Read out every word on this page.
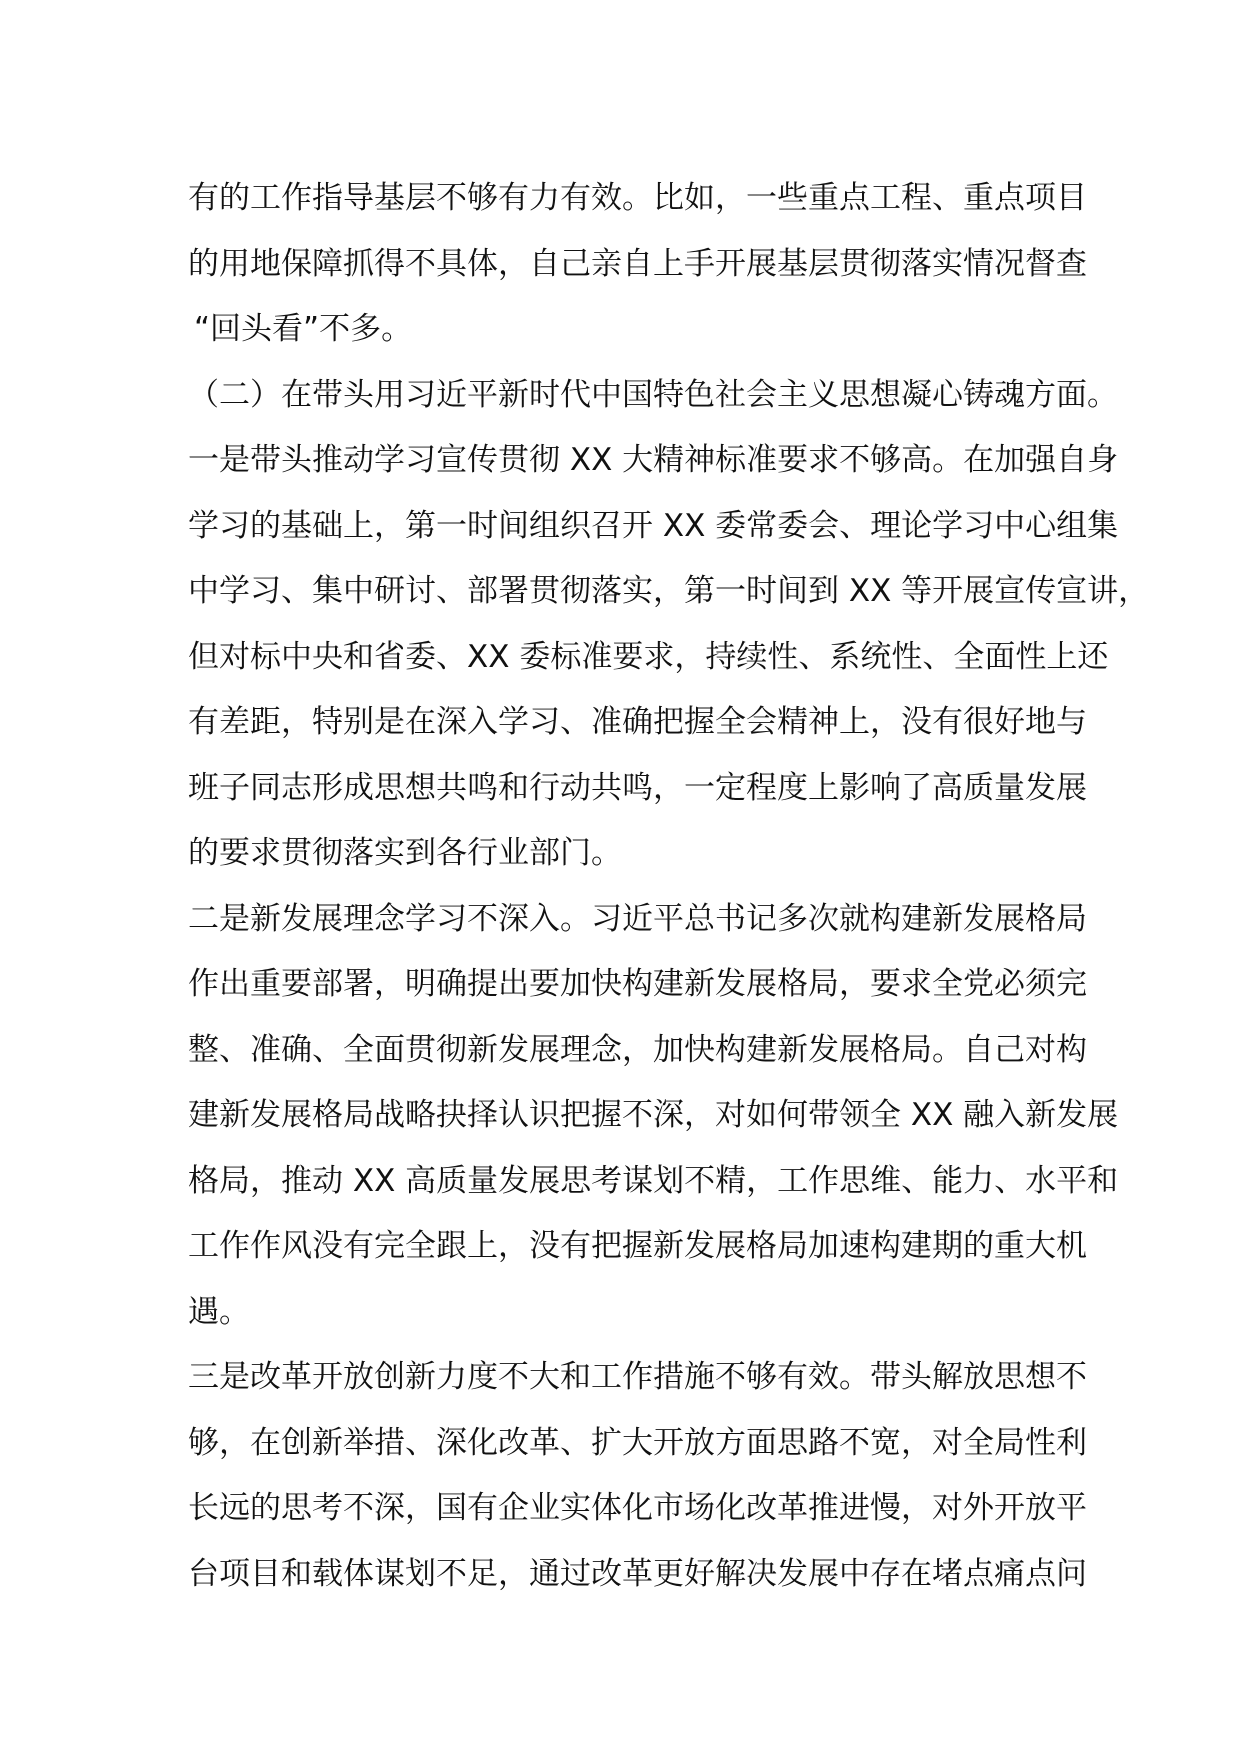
有的工作指导基层不够有力有效。比如，一些重点工程、重点项目
的用地保障抓得不具体，自己亲自上手开展基层贯彻落实情况督查
“回头看”不多。
（二）在带头用习近平新时代中国特色社会主义思想凝心铸魂方面。
一是带头推动学习宣传贯彻 XX 大精神标准要求不够高。在加强自身
学习的基础上，第一时间组织召开 XX 委常委会、理论学习中心组集
中学习、集中研讨、部署贯彻落实，第一时间到 XX 等开展宣传宣讲，
但对标中央和省委、XX 委标准要求，持续性、系统性、全面性上还
有差距，特别是在深入学习、准确把握全会精神上，没有很好地与
班子同志形成思想共鸣和行动共鸣，一定程度上影响了高质量发展
的要求贯彻落实到各行业部门。
二是新发展理念学习不深入。习近平总书记多次就构建新发展格局
作出重要部署，明确提出要加快构建新发展格局，要求全党必须完
整、准确、全面贯彻新发展理念，加快构建新发展格局。自己对构
建新发展格局战略抉择认识把握不深，对如何带领全 XX 融入新发展
格局，推动 XX 高质量发展思考谋划不精，工作思维、能力、水平和
工作作风没有完全跟上，没有把握新发展格局加速构建期的重大机
遇。
三是改革开放创新力度不大和工作措施不够有效。带头解放思想不
够，在创新举措、深化改革、扩大开放方面思路不宽，对全局性利
长远的思考不深，国有企业实体化市场化改革推进慢，对外开放平
台项目和载体谋划不足，通过改革更好解决发展中存在堵点痛点问
